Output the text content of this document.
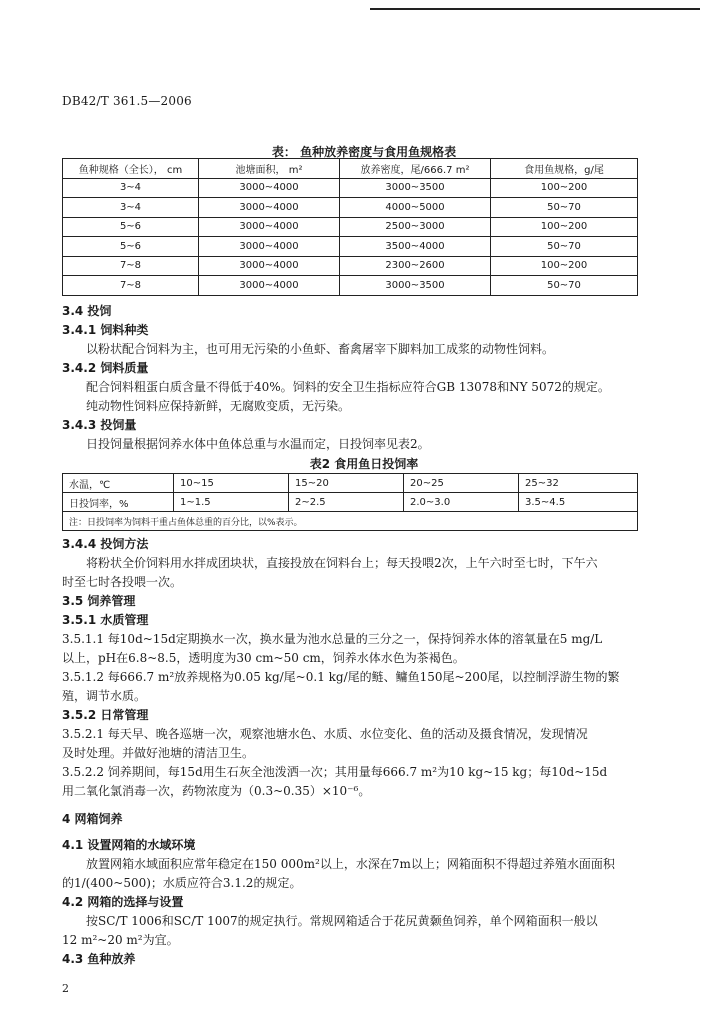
DB42/T 361.5—2006
表： 鱼种放养密度与食用鱼规格表
鱼种规格（全长）， cm	池塘面积， m²	放养密度，尾/666.7 m²	食用鱼规格，g/尾
3~4	3000~4000	3000~3500	100~200
3~4	3000~4000	4000~5000	50~70
5~6	3000~4000	2500~3000	100~200
5~6	3000~4000	3500~4000	50~70
7~8	3000~4000	2300~2600	100~200
7~8	3000~4000	3000~3500	50~70
3.4 投饲
3.4.1 饲料种类
以粉状配合饲料为主，也可用无污染的小鱼虾、畜禽屠宰下脚料加工成浆的动物性饲料。
3.4.2 饲料质量
配合饲料粗蛋白质含量不得低于40%。饲料的安全卫生指标应符合GB 13078和NY 5072的规定。
纯动物性饲料应保持新鲜，无腐败变质，无污染。
3.4.3 投饲量
日投饲量根据饲养水体中鱼体总重与水温而定，日投饲率见表2。
表2 食用鱼日投饲率
水温，℃	10~15	15~20	20~25	25~32
日投饲率，%	1~1.5	2~2.5	2.0~3.0	3.5~4.5
注：日投饲率为饲料干重占鱼体总重的百分比，以%表示。				
3.4.4 投饲方法
将粉状全价饲料用水拌成团块状，直接投放在饲料台上；每天投喂2次，上午六时至七时，下午六
时至七时各投喂一次。
3.5 饲养管理
3.5.1 水质管理
3.5.1.1 每10d~15d定期换水一次，换水量为池水总量的三分之一，保持饲养水体的溶氧量在5 mg/L
以上，pH在6.8~8.5，透明度为30 cm~50 cm，饲养水体水色为茶褐色。
3.5.1.2 每666.7 m²放养规格为0.05 kg/尾~0.1 kg/尾的鲢、鳙鱼150尾~200尾，以控制浮游生物的繁
殖，调节水质。
3.5.2 日常管理
3.5.2.1 每天早、晚各巡塘一次，观察池塘水色、水质、水位变化、鱼的活动及摄食情况，发现情况
及时处理。并做好池塘的清洁卫生。
3.5.2.2 饲养期间，每15d用生石灰全池泼洒一次；其用量每666.7 m²为10 kg~15 kg；每10d~15d
用二氧化氯消毒一次，药物浓度为（0.3~0.35）×10⁻⁶。
4 网箱饲养
4.1 设置网箱的水域环境
放置网箱水域面积应常年稳定在150 000m²以上，水深在7m以上；网箱面积不得超过养殖水面面积
的1/(400~500)；水质应符合3.1.2的规定。
4.2 网箱的选择与设置
按SC/T 1006和SC/T 1007的规定执行。常规网箱适合于花尻黄颡鱼饲养，单个网箱面积一般以
12 m²~20 m²为宜。
4.3 鱼种放养
2
